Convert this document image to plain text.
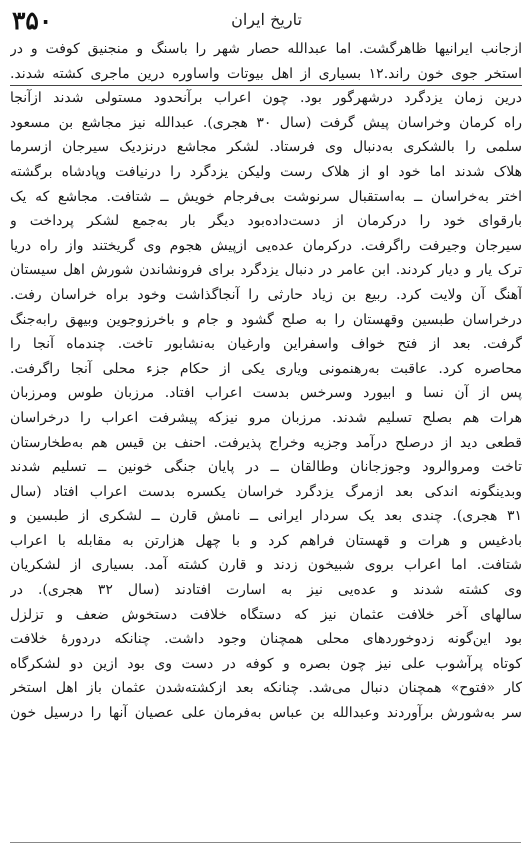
۳۵۰	تاریخ ایران
ازجانب ایرانیها ظاهرگشت. اما عبدالله حصار شهر را باسنگ و منجنیق کوفت و در
استخر جوی خون راند.۱۲ بسیاری از اهل بیوتات واساوره درین ماجری کشته شدند.
درین زمان یزدگرد درشهرگور بود. چون اعراب برآنحدود مستولی شدند ازآنجا
راه کرمان وخراسان پیش گرفت (سال ۳۰ هجری). عبدالله نیز مجاشع بن مسعود
سلمی را بالشکری به‌دنبال وی فرستاد. لشکر مجاشع درنزدیک سیرجان ازسرما
هلاک شدند اما خود او از هلاک رست ولیکن یزدگرد را درنیافت وپادشاه برگشته
اختر به‌خراسان ــ به‌استقبال سرنوشت بی‌فرجام خویش ــ شتافت. مجاشع که یک
بارقوای خود را درکرمان از دست‌داده‌بود دیگر بار به‌جمع لشکر پرداخت و
سیرجان وجیرفت راگرفت. درکرمان عده‌یی ازپیش هجوم وی گریختند واز راه دریا
ترک یار و دیار کردند. ابن عامر در دنبال یزدگرد برای فرونشاندن شورش اهل سیستان
آهنگ آن ولایت کرد. ربیع بن زیاد حارثی را آنجاگذاشت وخود براه خراسان رفت.
درخراسان طبسین وقهستان را به صلح گشود و جام و باخرزوجوین وبیهق رابه‌جنگ
گرفت. بعد از فتح خواف واسفراین وارغیان به‌نشابور تاخت. چندماه آنجا را
محاصره کرد. عاقبت به‌رهنمونی ویاری یکی از حکام جزء محلی آنجا راگرفت.
پس از آن نسا و ابیورد وسرخس بدست اعراب افتاد. مرزبان طوس ومرزبان
هرات هم بصلح تسلیم شدند. مرزبان مرو نیزکه پیشرفت اعراب را درخراسان
قطعی دید از درصلح درآمد وجزیه وخراج پذیرفت. احنف بن قیس هم به‌طخارستان
تاخت ومروالرود وجوزجانان وطالقان ــ در پایان جنگی خونین ــ تسلیم شدند
وبدینگونه اندکی بعد ازمرگ یزدگرد خراسان یکسره بدست اعراب افتاد (سال
۳۱ هجری). چندی بعد یک سردار ایرانی ــ نامش قارن ــ لشکری از طبسین و
بادغیس و هرات و قهستان فراهم کرد و با چهل هزارتن به مقابله با اعراب
شتافت. اما اعراب بروی شبیخون زدند و قارن کشته آمد. بسیاری از لشکریان
وی کشته شدند و عده‌یی نیز به اسارت افتادند (سال ۳۲ هجری). در
سالهای آخر خلافت عثمان نیز که دستگاه خلافت دستخوش ضعف و تزلزل
بود این‌گونه زدوخوردهای محلی همچنان وجود داشت. چنانکه دردورهٔ خلافت
کوتاه پرآشوب علی نیز چون بصره و کوفه در دست وی بود ازین دو لشکرگاه
کار «فتوح» همچنان دنبال می‌شد. چنانکه بعد ازکشته‌شدن عثمان باز اهل استخر
سر به‌شورش برآوردند وعبدالله بن عباس به‌فرمان علی عصیان آنها را درسیل خون
